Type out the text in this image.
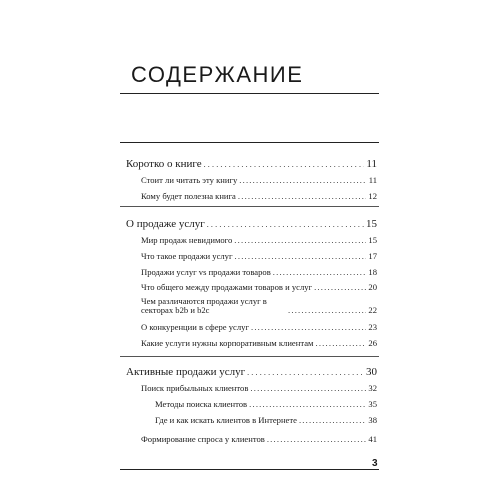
СОДЕРЖАНИЕ
Коротко о книге .....	11
Стоит ли читать эту книгу .....	11
Кому будет полезна книга .....	12
О продаже услуг .....	15
Мир продаж невидимого .....	15
Что такое продажи услуг .....	17
Продажи услуг vs продажи товаров .....	18
Что общего между продажами товаров и услуг .....	20
Чем различаются продажи услуг в секторах b2b и b2c .....	22
О конкуренции в сфере услуг .....	23
Какие услуги нужны корпоративным клиентам .....	26
Активные продажи услуг .....	30
Поиск прибыльных клиентов .....	32
Методы поиска клиентов .....	35
Где и как искать клиентов в Интернете .....	38
Формирование спроса у клиентов .....	41
3
